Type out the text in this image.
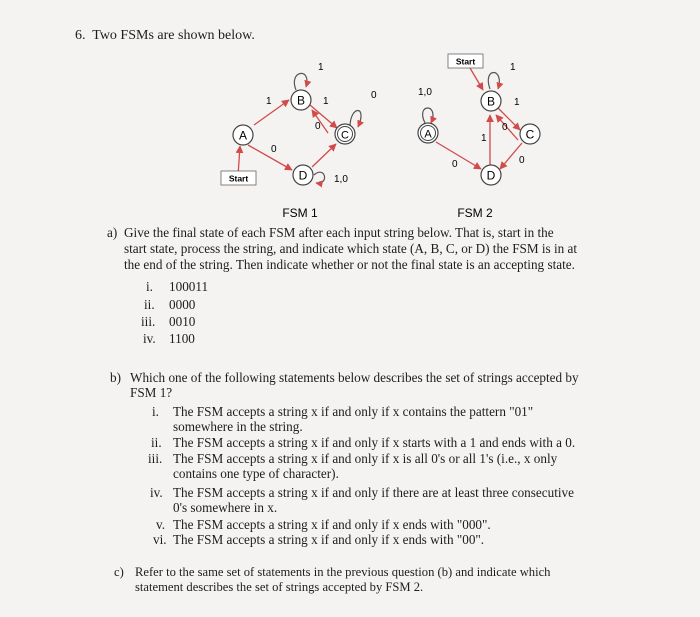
6. Two FSMs are shown below.
A
B
C
D
Start
1
1	1
0
0
0
1,0
FSM 1
A
B
C
D
Start
1,0
1
1
0
1
0	0
FSM 2
a) Give the final state of each FSM after each input string below. That is, start in the
start state, process the string, and indicate which state (A, B, C, or D) the FSM is in at
the end of the string. Then indicate whether or not the final state is an accepting state.
i. 100011
ii. 0000
iii. 0010
iv. 1100
b) Which one of the following statements below describes the set of strings accepted by
FSM 1?
i. The FSM accepts a string x if and only if x contains the pattern "01"
somewhere in the string.
ii. The FSM accepts a string x if and only if x starts with a 1 and ends with a 0.
iii. The FSM accepts a string x if and only if x is all 0's or all 1's (i.e., x only
contains one type of character).
iv. The FSM accepts a string x if and only if there are at least three consecutive
0's somewhere in x.
v. The FSM accepts a string x if and only if x ends with "000".
vi. The FSM accepts a string x if and only if x ends with "00".
c) Refer to the same set of statements in the previous question (b) and indicate which
statement describes the set of strings accepted by FSM 2.
